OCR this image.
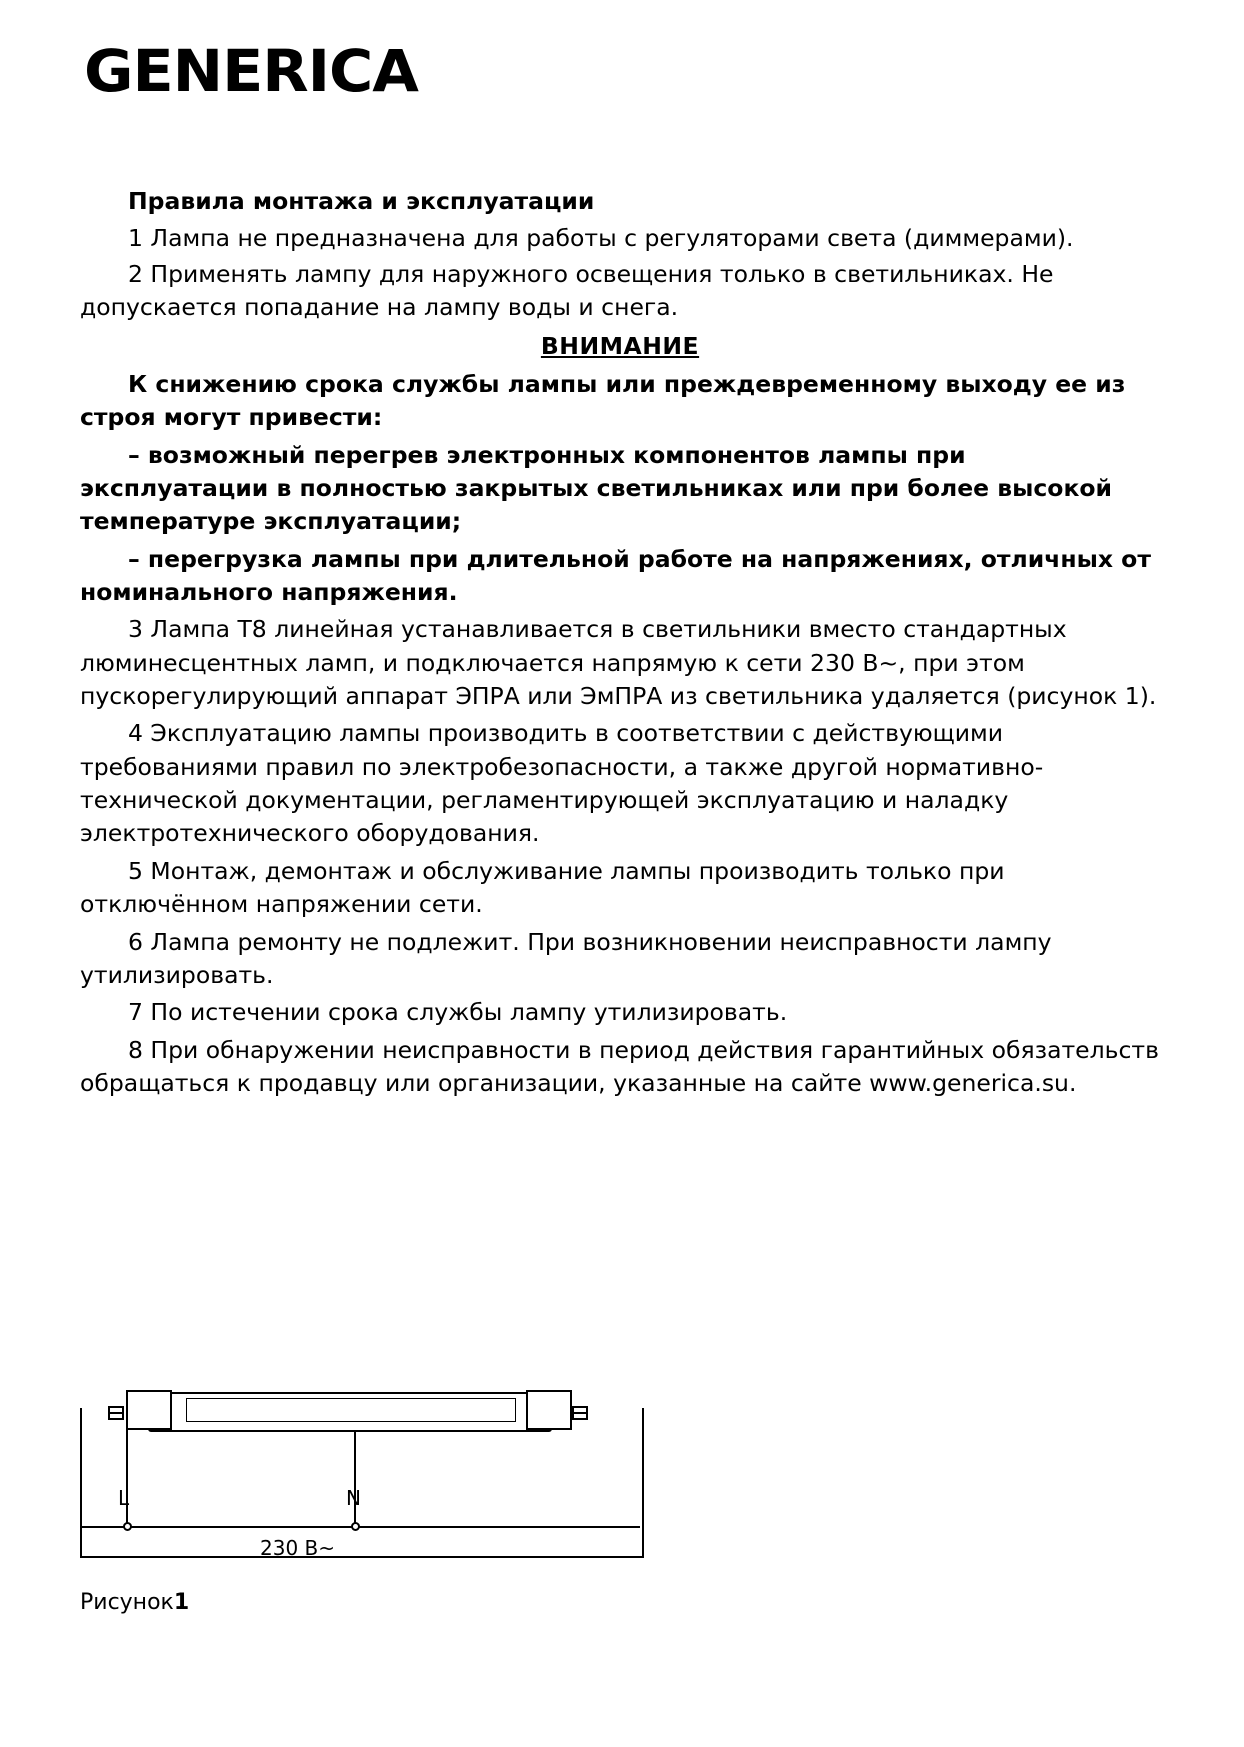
GENERICA

Правила монтажа и эксплуатации

1 Лампа не предназначена для работы с регуляторами света (диммерами).

2 Применять лампу для наружного освещения только в светильниках. Не допускается попадание на лампу воды и снега.

ВНИМАНИЕ

К снижению срока службы лампы или преждевременному выходу ее из строя могут привести:

– возможный перегрев электронных компонентов лампы при эксплуатации в полностью закрытых светильниках или при более высокой температуре эксплуатации;

– перегрузка лампы при длительной работе на напряжениях, отличных от номинального напряжения.

3 Лампа Т8 линейная устанавливается в светильники вместо стандартных люминесцентных ламп, и подключается напрямую к сети 230 В~, при этом пускорегулирующий аппарат ЭПРА или ЭмПРА из светильника удаляется (рисунок 1).

4 Эксплуатацию лампы производить в соответствии с действующими требованиями правил по электробезопасности, а также другой нормативно-технической документации, регламентирующей эксплуатацию и наладку электротехнического оборудования.

5 Монтаж, демонтаж и обслуживание лампы производить только при отключённом напряжении сети.

6 Лампа ремонту не подлежит. При возникновении неисправности лампу утилизировать.

7 По истечении срока службы лампу утилизировать.

8 При обнаружении неисправности в период действия гарантийных обязательств обращаться к продавцу или организации, указанные на сайте www.generica.su.

L	N
230 В~
Рисунок1
